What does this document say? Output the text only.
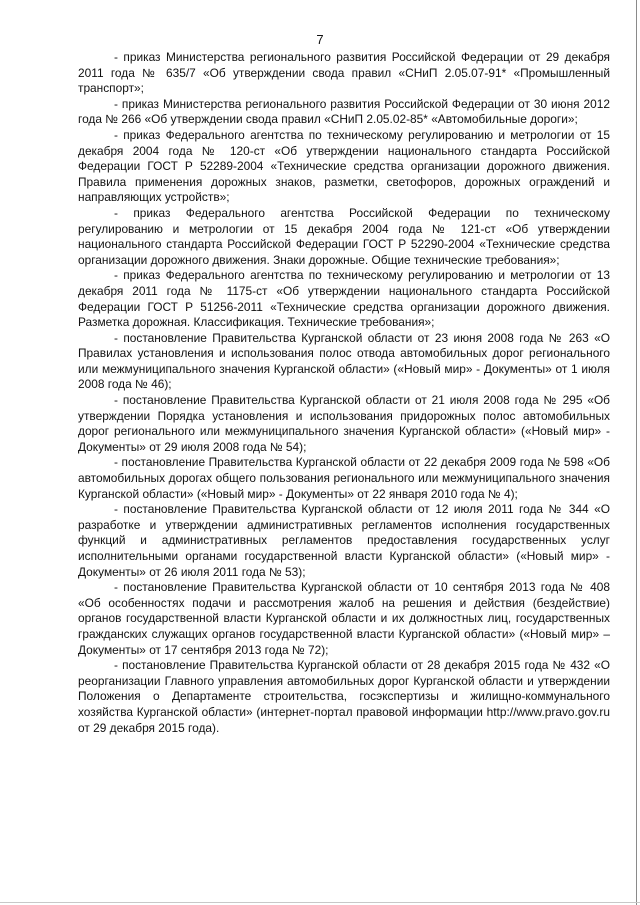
7

- приказ Министерства регионального развития Российской Федерации от 29 декабря 2011 года № 635/7 «Об утверждении свода правил «СНиП 2.05.07-91* «Промышленный транспорт»;

- приказ Министерства регионального развития Российской Федерации от 30 июня 2012 года № 266 «Об утверждении свода правил «СНиП 2.05.02-85* «Автомобильные дороги»;

- приказ Федерального агентства по техническому регулированию и метрологии от 15 декабря 2004 года № 120-ст «Об утверждении национального стандарта Российской Федерации ГОСТ Р 52289-2004 «Технические средства организации дорожного движения. Правила применения дорожных знаков, разметки, светофоров, дорожных ограждений и направляющих устройств»;

- приказ Федерального агентства Российской Федерации по техническому регулированию и метрологии от 15 декабря 2004 года № 121-ст «Об утверждении национального стандарта Российской Федерации ГОСТ Р 52290-2004 «Технические средства организации дорожного движения. Знаки дорожные. Общие технические требования»;

- приказ Федерального агентства по техническому регулированию и метрологии от 13 декабря 2011 года № 1175-ст «Об утверждении национального стандарта Российской Федерации ГОСТ Р 51256-2011 «Технические средства организации дорожного движения. Разметка дорожная. Классификация. Технические требования»;

- постановление Правительства Курганской области от 23 июня 2008 года № 263 «О Правилах установления и использования полос отвода автомобильных дорог регионального или межмуниципального значения Курганской области» («Новый мир» - Документы» от 1 июля 2008 года № 46);

- постановление Правительства Курганской области от 21 июля 2008 года № 295 «Об утверждении Порядка установления и использования придорожных полос автомобильных дорог регионального или межмуниципального значения Курганской области» («Новый мир» - Документы» от 29 июля 2008 года № 54);

- постановление Правительства Курганской области от 22 декабря 2009 года № 598 «Об автомобильных дорогах общего пользования регионального или межмуниципального значения Курганской области» («Новый мир» - Документы» от 22 января 2010 года № 4);

- постановление Правительства Курганской области от 12 июля 2011 года № 344 «О разработке и утверждении административных регламентов исполнения государственных функций и административных регламентов предоставления государственных услуг исполнительными органами государственной власти Курганской области» («Новый мир» - Документы» от 26 июля 2011 года № 53);

- постановление Правительства Курганской области от 10 сентября 2013 года № 408 «Об особенностях подачи и рассмотрения жалоб на решения и действия (бездействие) органов государственной власти Курганской области и их должностных лиц, государственных гражданских служащих органов государственной власти Курганской области» («Новый мир» – Документы» от 17 сентября 2013 года № 72);

- постановление Правительства Курганской области от 28 декабря 2015 года № 432 «О реорганизации Главного управления автомобильных дорог Курганской области и утверждении Положения о Департаменте строительства, госэкспертизы и жилищно-коммунального хозяйства Курганской области» (интернет-портал правовой информации http://www.pravo.gov.ru от 29 декабря 2015 года).
